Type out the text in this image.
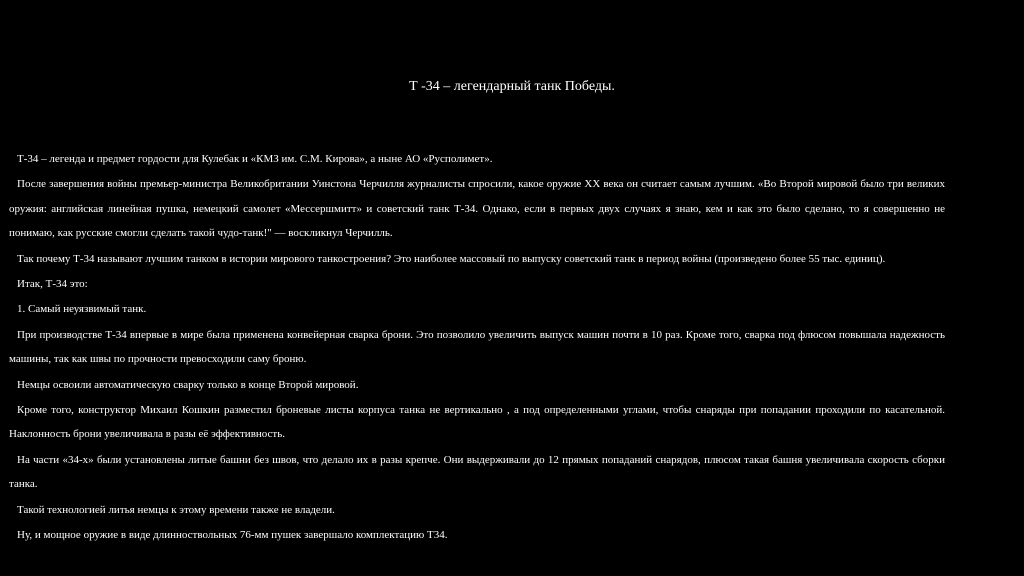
Т -34 – легендарный танк Победы.

Т-34 – легенда и предмет гордости для Кулебак и «КМЗ им. С.М. Кирова», а ныне АО «Русполимет».

После завершения войны премьер-министра Великобритании Уинстона Черчилля журналисты спросили, какое оружие XX века он считает самым лучшим. «Во Второй мировой было три великих оружия: английская линейная пушка, немецкий самолет «Мессершмитт» и советский танк Т-34. Однако, если в первых двух случаях я знаю, кем и как это было сделано, то я совершенно не понимаю, как русские смогли сделать такой чудо-танк!" — воскликнул Черчилль.

Так почему Т-34 называют лучшим танком в истории мирового танкостроения? Это наиболее массовый по выпуску советский танк в период войны (произведено более 55 тыс. единиц).

Итак, Т-34 это:

1. Самый неуязвимый танк.

При производстве Т-34 впервые в мире была применена конвейерная сварка брони. Это позволило увеличить выпуск машин почти в 10 раз. Кроме того, сварка под флюсом повышала надежность машины, так как швы по прочности превосходили саму броню.

Немцы освоили автоматическую сварку только в конце Второй мировой.

Кроме того, конструктор Михаил Кошкин разместил броневые листы корпуса танка не вертикально , а под определенными углами, чтобы снаряды при попадании проходили по касательной. Наклонность брони увеличивала в разы её эффективность.

На части «34-х» были установлены литые башни без швов, что делало их в разы крепче. Они выдерживали до 12 прямых попаданий снарядов, плюсом такая башня увеличивала скорость сборки танка.

Такой технологией литья немцы к этому времени также не владели.

Ну, и мощное оружие в виде длинноствольных 76-мм пушек завершало комплектацию Т34.
